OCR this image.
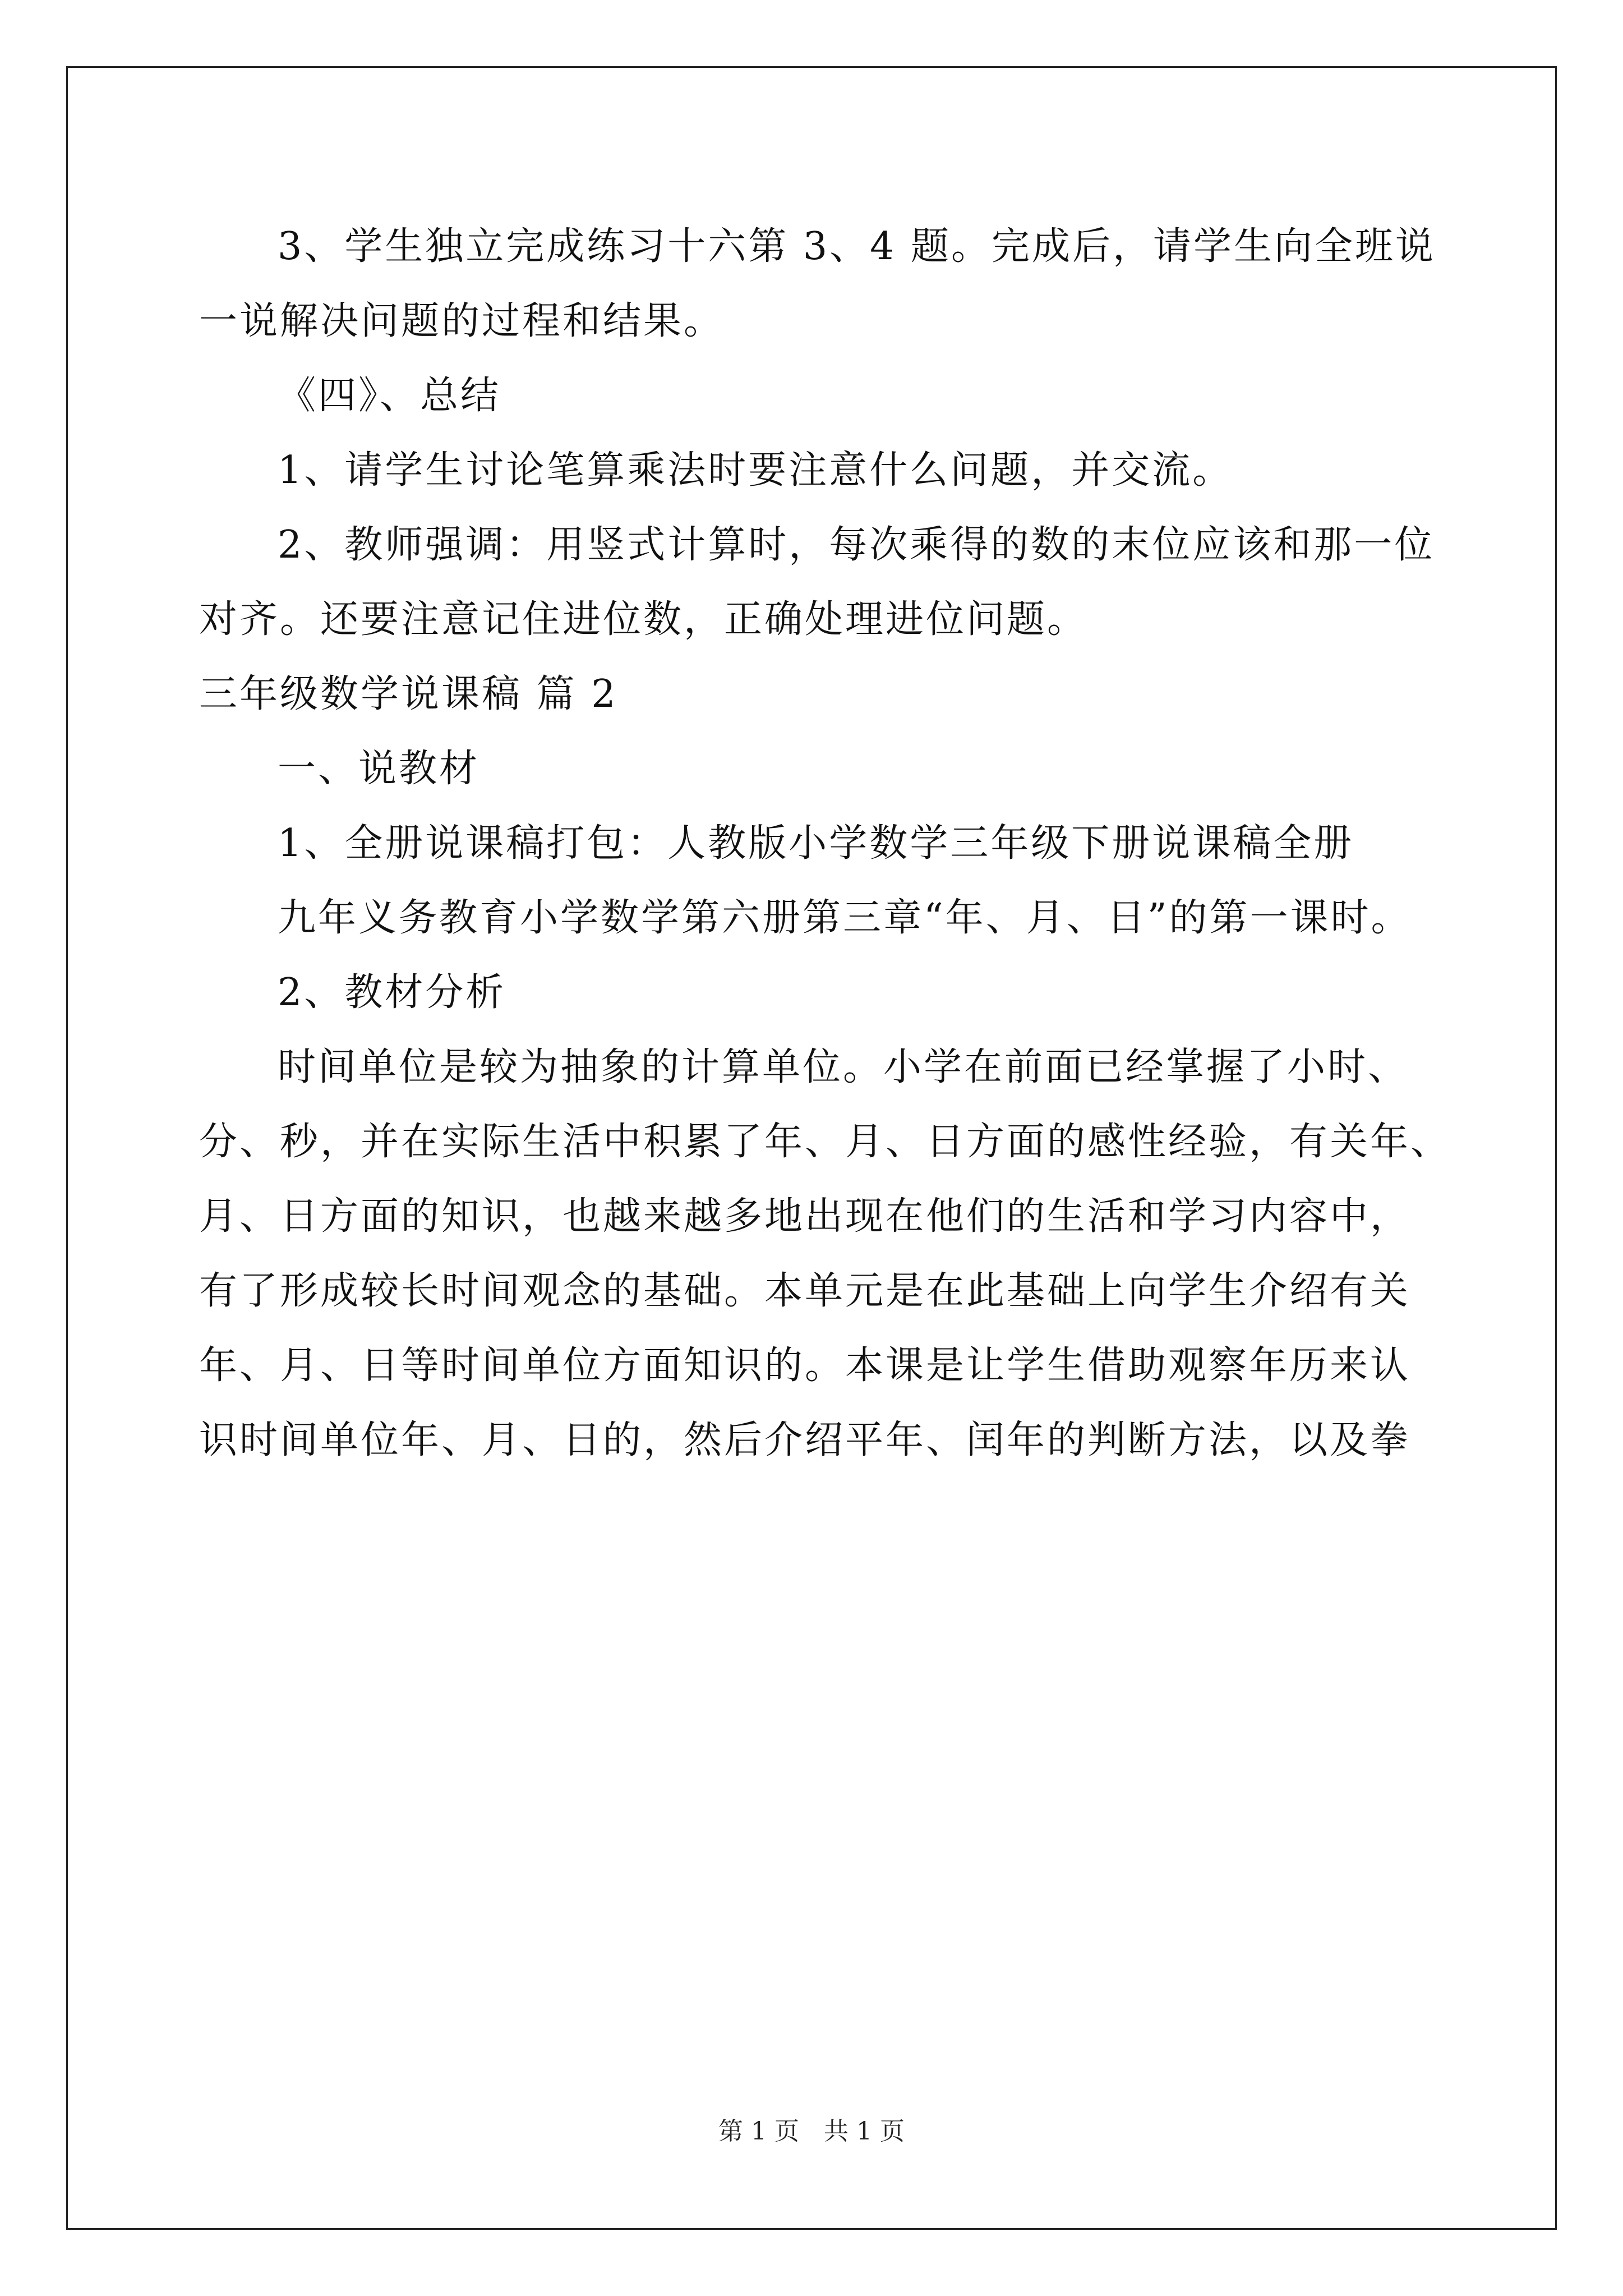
3、学生独立完成练习十六第 3、4 题。完成后，请学生向全班说
一说解决问题的过程和结果。
《四》、总结
1、请学生讨论笔算乘法时要注意什么问题，并交流。
2、教师强调：用竖式计算时，每次乘得的数的末位应该和那一位
对齐。还要注意记住进位数，正确处理进位问题。
三年级数学说课稿 篇 2
一、说教材
1、全册说课稿打包：人教版小学数学三年级下册说课稿全册
九年义务教育小学数学第六册第三章“年、月、日”的第一课时。
2、教材分析
时间单位是较为抽象的计算单位。小学在前面已经掌握了小时、
分、秒，并在实际生活中积累了年、月、日方面的感性经验，有关年、
月、日方面的知识，也越来越多地出现在他们的生活和学习内容中，
有了形成较长时间观念的基础。本单元是在此基础上向学生介绍有关
年、月、日等时间单位方面知识的。本课是让学生借助观察年历来认
识时间单位年、月、日的，然后介绍平年、闰年的判断方法，以及拳
第 1 页　共 1 页
